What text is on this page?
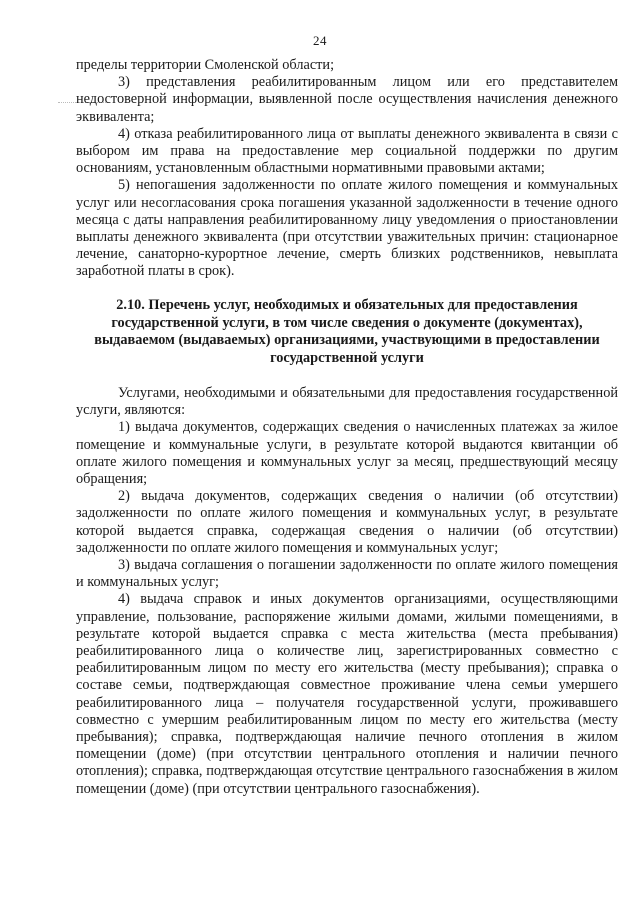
24

пределы территории Смоленской области;

3) представления реабилитированным лицом или его представителем недостоверной информации, выявленной после осуществления начисления денежного эквивалента;

4) отказа реабилитированного лица от выплаты денежного эквивалента в связи с выбором им права на предоставление мер социальной поддержки по другим основаниям, установленным областными нормативными правовыми актами;

5) непогашения задолженности по оплате жилого помещения и коммунальных услуг или несогласования срока погашения указанной задолженности в течение одного месяца с даты направления реабилитированному лицу уведомления о приостановлении выплаты денежного эквивалента (при отсутствии уважительных причин: стационарное лечение, санаторно-курортное лечение, смерть близких родственников, невыплата заработной платы в срок).

2.10. Перечень услуг, необходимых и обязательных для предоставления государственной услуги, в том числе сведения о документе (документах), выдаваемом (выдаваемых) организациями, участвующими в предоставлении государственной услуги

Услугами, необходимыми и обязательными для предоставления государственной услуги, являются:

1) выдача документов, содержащих сведения о начисленных платежах за жилое помещение и коммунальные услуги, в результате которой выдаются квитанции об оплате жилого помещения и коммунальных услуг за месяц, предшествующий месяцу обращения;

2) выдача документов, содержащих сведения о наличии (об отсутствии) задолженности по оплате жилого помещения и коммунальных услуг, в результате которой выдается справка, содержащая сведения о наличии (об отсутствии) задолженности по оплате жилого помещения и коммунальных услуг;

3) выдача соглашения о погашении задолженности по оплате жилого помещения и коммунальных услуг;

4) выдача справок и иных документов организациями, осуществляющими управление, пользование, распоряжение жилыми домами, жилыми помещениями, в результате которой выдается справка с места жительства (места пребывания) реабилитированного лица о количестве лиц, зарегистрированных совместно с реабилитированным лицом по месту его жительства (месту пребывания); справка о составе семьи, подтверждающая совместное проживание члена семьи умершего реабилитированного лица – получателя государственной услуги, проживавшего совместно с умершим реабилитированным лицом по месту его жительства (месту пребывания); справка, подтверждающая наличие печного отопления в жилом помещении (доме) (при отсутствии центрального отопления и наличии печного отопления); справка, подтверждающая отсутствие центрального газоснабжения в жилом помещении (доме) (при отсутствии центрального газоснабжения).
